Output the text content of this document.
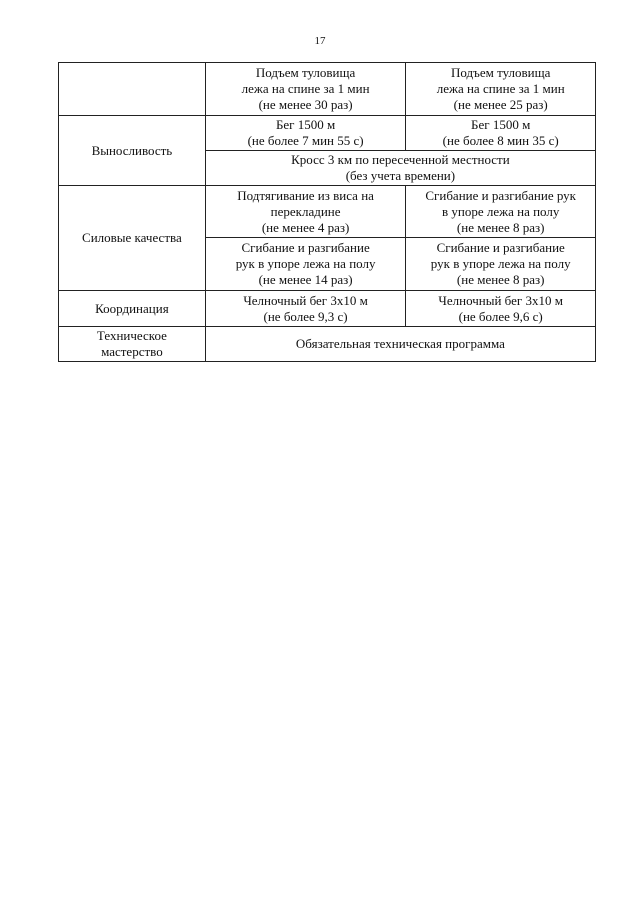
17

	Подъем туловища
лежа на спине за 1 мин
(не менее 30 раз)	Подъем туловища
лежа на спине за 1 мин
(не менее 25 раз)

Выносливость	Бег 1500 м
(не более 7 мин 55 с)	Бег 1500 м
(не более 8 мин 35 с)

	Кросс 3 км по пересеченной местности
(без учета времени)	

Силовые качества	Подтягивание из виса на
перекладине
(не менее 4 раз)	Сгибание и разгибание рук
в упоре лежа на полу
(не менее 8 раз)

	Сгибание и разгибание
рук в упоре лежа на полу
(не менее 14 раз)	Сгибание и разгибание
рук в упоре лежа на полу
(не менее 8 раз)

Координация	Челночный бег 3x10 м
(не более 9,3 с)	Челночный бег 3x10 м
(не более 9,6 с)

Техническое
мастерство	Обязательная техническая программа	
